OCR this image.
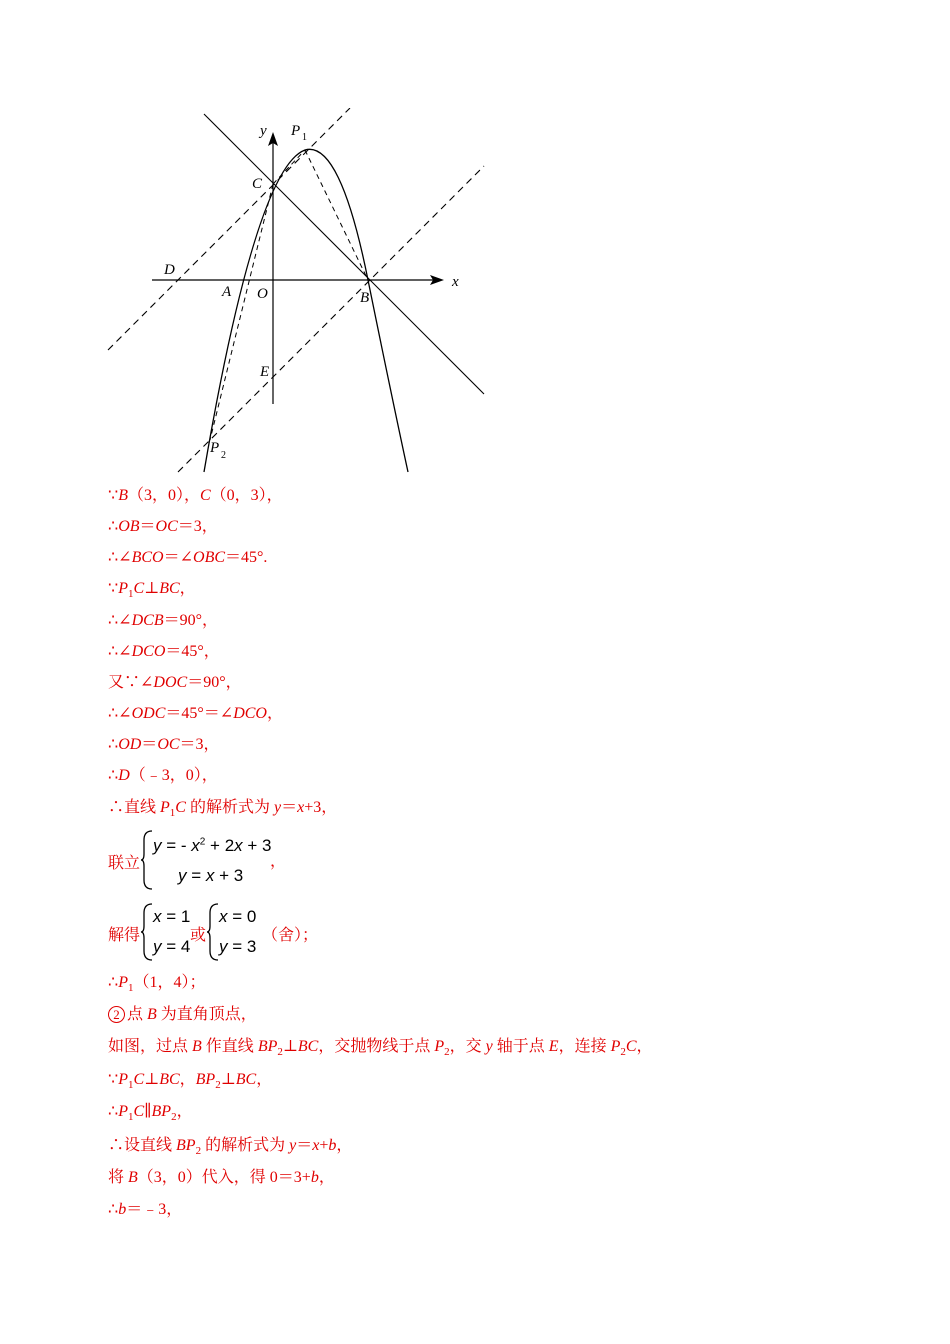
y
x
P 1
C
D
A O	B
E
P 2
∵B（3，0），C（0，3），
∴OB＝OC＝3，
∴∠BCO＝∠OBC＝45°.
$\because P_1C\perp BC$，
∴∠DCB＝90°，
∴∠DCO＝45°，
又∵∠DOC＝90°，
∴∠ODC＝45°＝∠DCO，
∴OD＝OC＝3，
∴D（﹣3，0），
∴直线 $P_1C$ 的解析式为 y＝x+3，
联立
y = - $x^2 + 2x + 3$
y = x + 3
，
解得
x = 1
y = 4
或
x = 0
y = 3
（舍）；
$\therefore P_1(1$，4）；
2 点 B 为直角顶点，
如图，过点 B 作直线 $BP_2\perp BC$，交抛物线于点 $P_2$，交 y 轴于点 E，连接 $P_2C$，
$\because P_1C\perp BC$，$BP_2\perp BC$，
$\therefore P_1C\parallel BP_2$，
∴设直线 $BP_2$ 的解析式为 y＝x+b，
将 B（3，0）代入，得 0＝3+b，
∴b＝﹣3，
